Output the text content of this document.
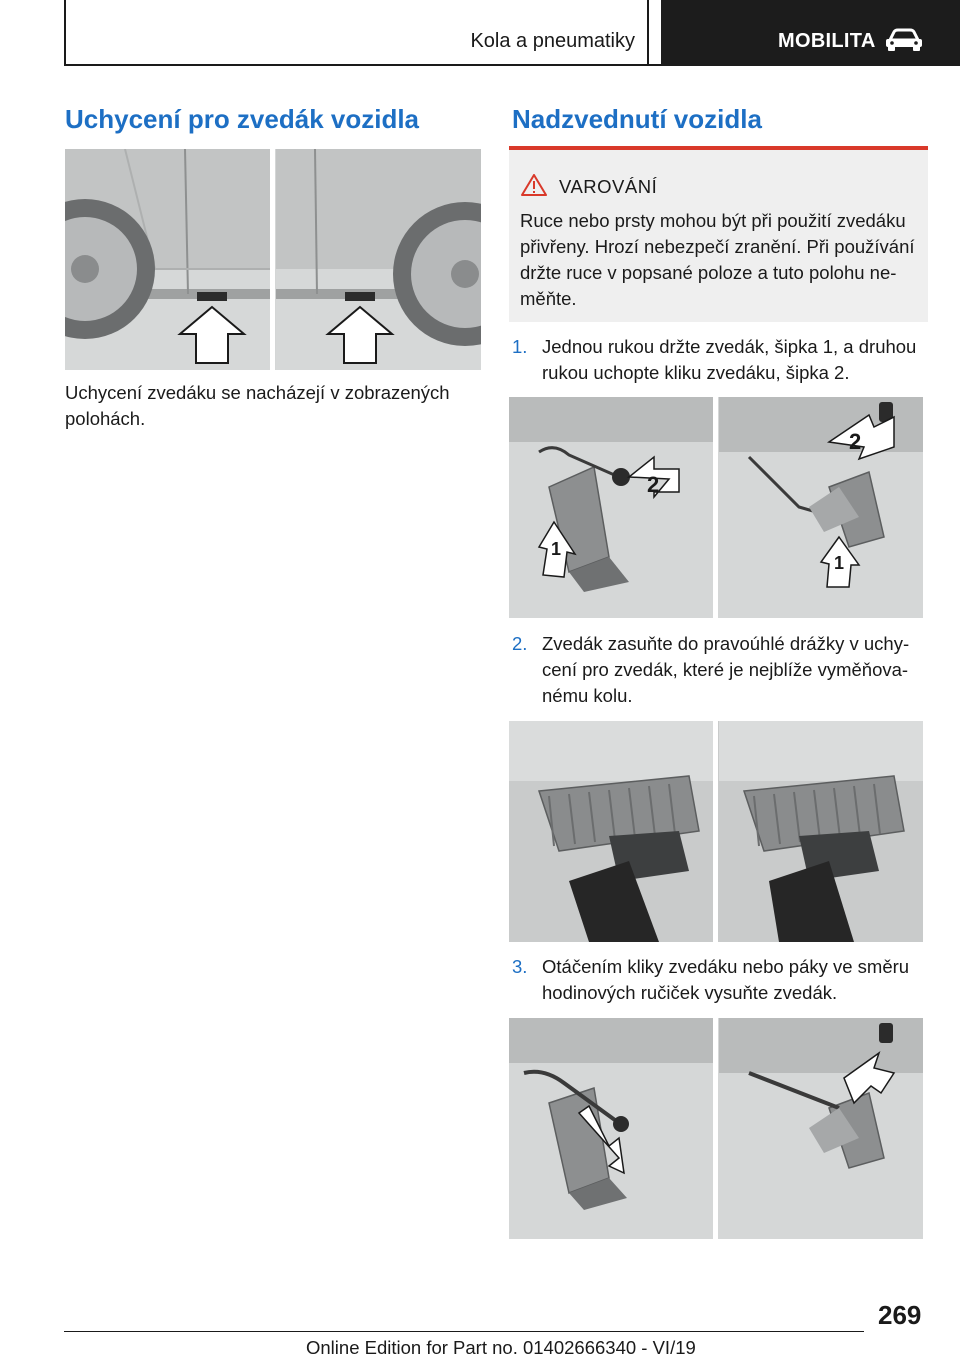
Kola a pneumatiky	MOBILITA
Uchycení pro zvedák vozidla

Uchycení zvedáku se nacházejí v zobrazených polohách.

Nadzvednutí vozidla
VAROVÁNÍ
Ruce nebo prsty mohou být při použití zvedáku přivřeny. Hrozí nebezpečí zranění. Při používání držte ruce v popsané poloze a tuto polohu ne-měňte.
1. Jednou rukou držte zvedák, šipka 1, a druhou rukou uchopte kliku zvedáku, šipka 2.
2
1
2
1
2. Zvedák zasuňte do pravoúhlé drážky v uchy-cení pro zvedák, které je nejblíže vyměňova-nému kolu.
3. Otáčením kliky zvedáku nebo páky ve směru hodinových ručiček vysuňte zvedák.
269
Online Edition for Part no. 01402666340 - VI/19
